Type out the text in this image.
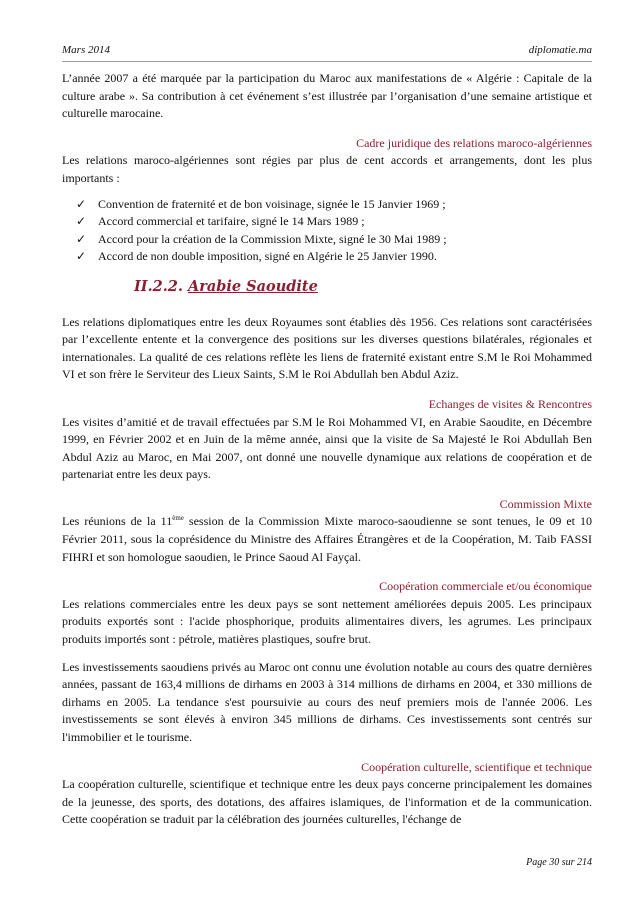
Mars 2014	diplomatie.ma

L’année 2007 a été marquée par la participation du Maroc aux manifestations de « Algérie : Capitale de la culture arabe ». Sa contribution à cet événement s’est illustrée par l’organisation d’une semaine artistique et culturelle marocaine.

Cadre juridique des relations maroco-algériennes

Les relations maroco-algériennes sont régies par plus de cent accords et arrangements, dont les plus importants :

✓ Convention de fraternité et de bon voisinage, signée le 15 Janvier 1969 ;
✓ Accord commercial et tarifaire, signé le 14 Mars 1989 ;
✓ Accord pour la création de la Commission Mixte, signé le 30 Mai 1989 ;
✓ Accord de non double imposition, signé en Algérie le 25 Janvier 1990.
II.2.2. Arabie Saoudite

Les relations diplomatiques entre les deux Royaumes sont établies dès 1956. Ces relations sont caractérisées par l’excellente entente et la convergence des positions sur les diverses questions bilatérales, régionales et internationales. La qualité de ces relations reflète les liens de fraternité existant entre S.M le Roi Mohammed VI et son frère le Serviteur des Lieux Saints, S.M le Roi Abdullah ben Abdul Aziz.

Echanges de visites & Rencontres

Les visites d’amitié et de travail effectuées par S.M le Roi Mohammed VI, en Arabie Saoudite, en Décembre 1999, en Février 2002 et en Juin de la même année, ainsi que la visite de Sa Majesté le Roi Abdullah Ben Abdul Aziz au Maroc, en Mai 2007, ont donné une nouvelle dynamique aux relations de coopération et de partenariat entre les deux pays.

Commission Mixte

Les réunions de la 11ème session de la Commission Mixte maroco-saoudienne se sont tenues, le 09 et 10 Février 2011, sous la coprésidence du Ministre des Affaires Étrangères et de la Coopération, M. Taib FASSI FIHRI et son homologue saoudien, le Prince Saoud Al Fayçal.

Coopération commerciale et/ou économique

Les relations commerciales entre les deux pays se sont nettement améliorées depuis 2005. Les principaux produits exportés sont : l'acide phosphorique, produits alimentaires divers, les agrumes. Les principaux produits importés sont : pétrole, matières plastiques, soufre brut.

Les investissements saoudiens privés au Maroc ont connu une évolution notable au cours des quatre dernières années, passant de 163,4 millions de dirhams en 2003 à 314 millions de dirhams en 2004, et 330 millions de dirhams en 2005. La tendance s'est poursuivie au cours des neuf premiers mois de l'année 2006. Les investissements se sont élevés à environ 345 millions de dirhams. Ces investissements sont centrés sur l'immobilier et le tourisme.

Coopération culturelle, scientifique et technique

La coopération culturelle, scientifique et technique entre les deux pays concerne principalement les domaines de la jeunesse, des sports, des dotations, des affaires islamiques, de l'information et de la communication. Cette coopération se traduit par la célébration des journées culturelles, l'échange de

Page 30 sur 214
